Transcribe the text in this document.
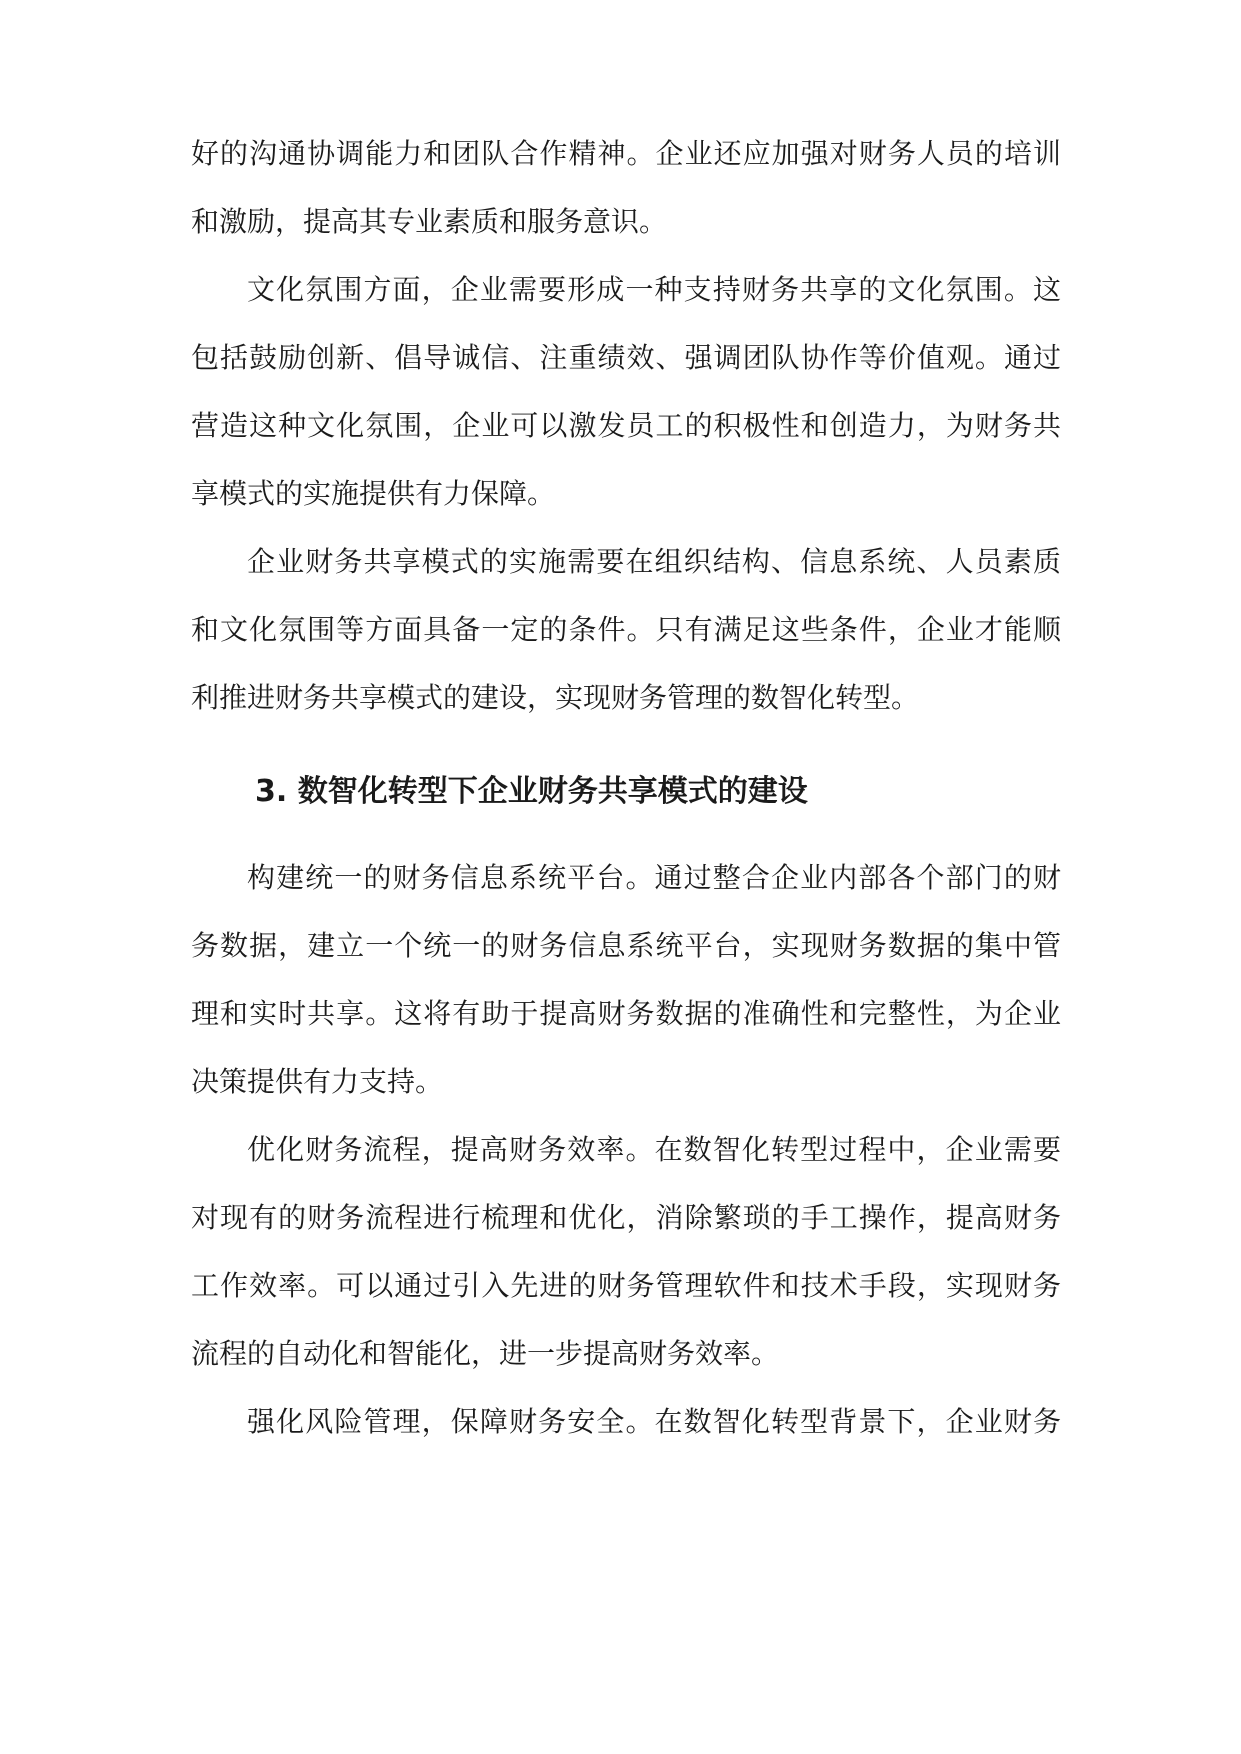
好的沟通协调能力和团队合作精神。企业还应加强对财务人员的培训
和激励，提高其专业素质和服务意识。
文化氛围方面，企业需要形成一种支持财务共享的文化氛围。这
包括鼓励创新、倡导诚信、注重绩效、强调团队协作等价值观。通过
营造这种文化氛围，企业可以激发员工的积极性和创造力，为财务共
享模式的实施提供有力保障。
企业财务共享模式的实施需要在组织结构、信息系统、人员素质
和文化氛围等方面具备一定的条件。只有满足这些条件，企业才能顺
利推进财务共享模式的建设，实现财务管理的数智化转型。
3. 数智化转型下企业财务共享模式的建设
构建统一的财务信息系统平台。通过整合企业内部各个部门的财
务数据，建立一个统一的财务信息系统平台，实现财务数据的集中管
理和实时共享。这将有助于提高财务数据的准确性和完整性，为企业
决策提供有力支持。
优化财务流程，提高财务效率。在数智化转型过程中，企业需要
对现有的财务流程进行梳理和优化，消除繁琐的手工操作，提高财务
工作效率。可以通过引入先进的财务管理软件和技术手段，实现财务
流程的自动化和智能化，进一步提高财务效率。
强化风险管理，保障财务安全。在数智化转型背景下，企业财务
